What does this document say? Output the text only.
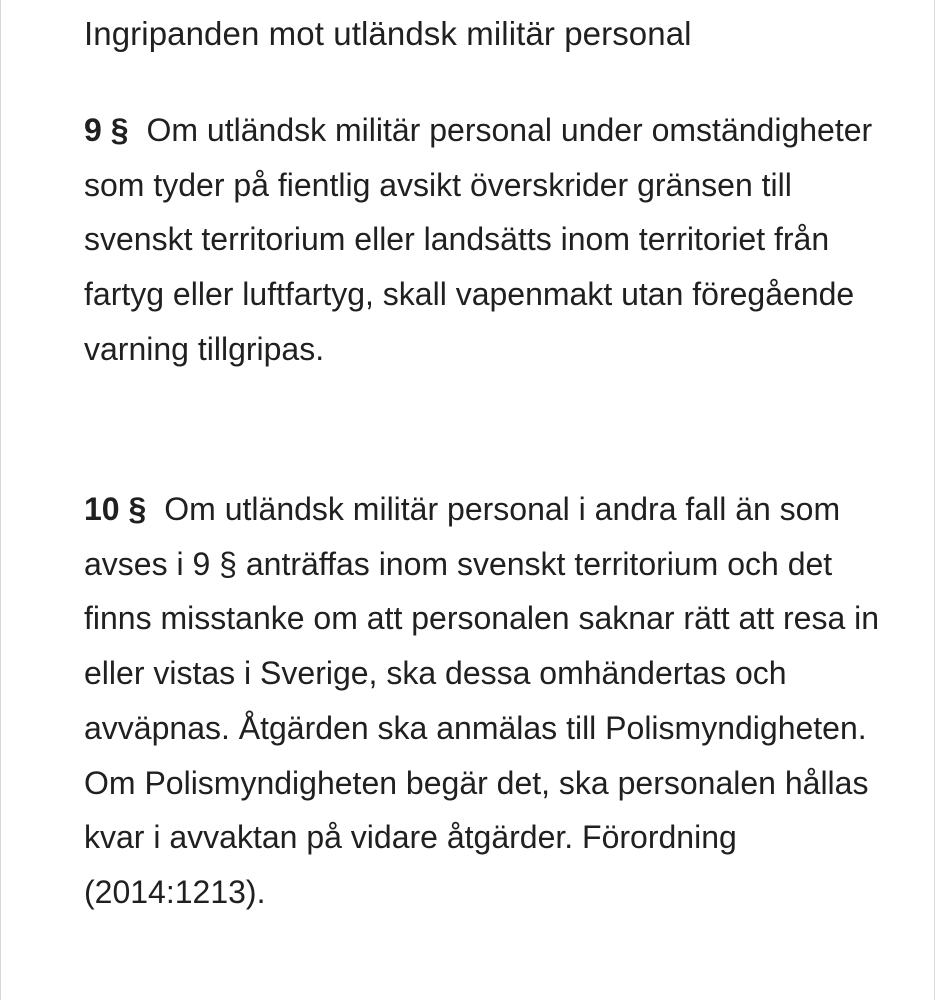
Ingripanden mot utländsk militär personal

9 § Om utländsk militär personal under omständigheter som tyder på fientlig avsikt överskrider gränsen till svenskt territorium eller landsätts inom territoriet från fartyg eller luftfartyg, skall vapenmakt utan föregående varning tillgripas.

10 § Om utländsk militär personal i andra fall än som avses i 9 § anträffas inom svenskt territorium och det finns misstanke om att personalen saknar rätt att resa in eller vistas i Sverige, ska dessa omhändertas och avväpnas. Åtgärden ska anmälas till Polismyndigheten. Om Polismyndigheten begär det, ska personalen hållas kvar i avvaktan på vidare åtgärder. Förordning (2014:1213).
